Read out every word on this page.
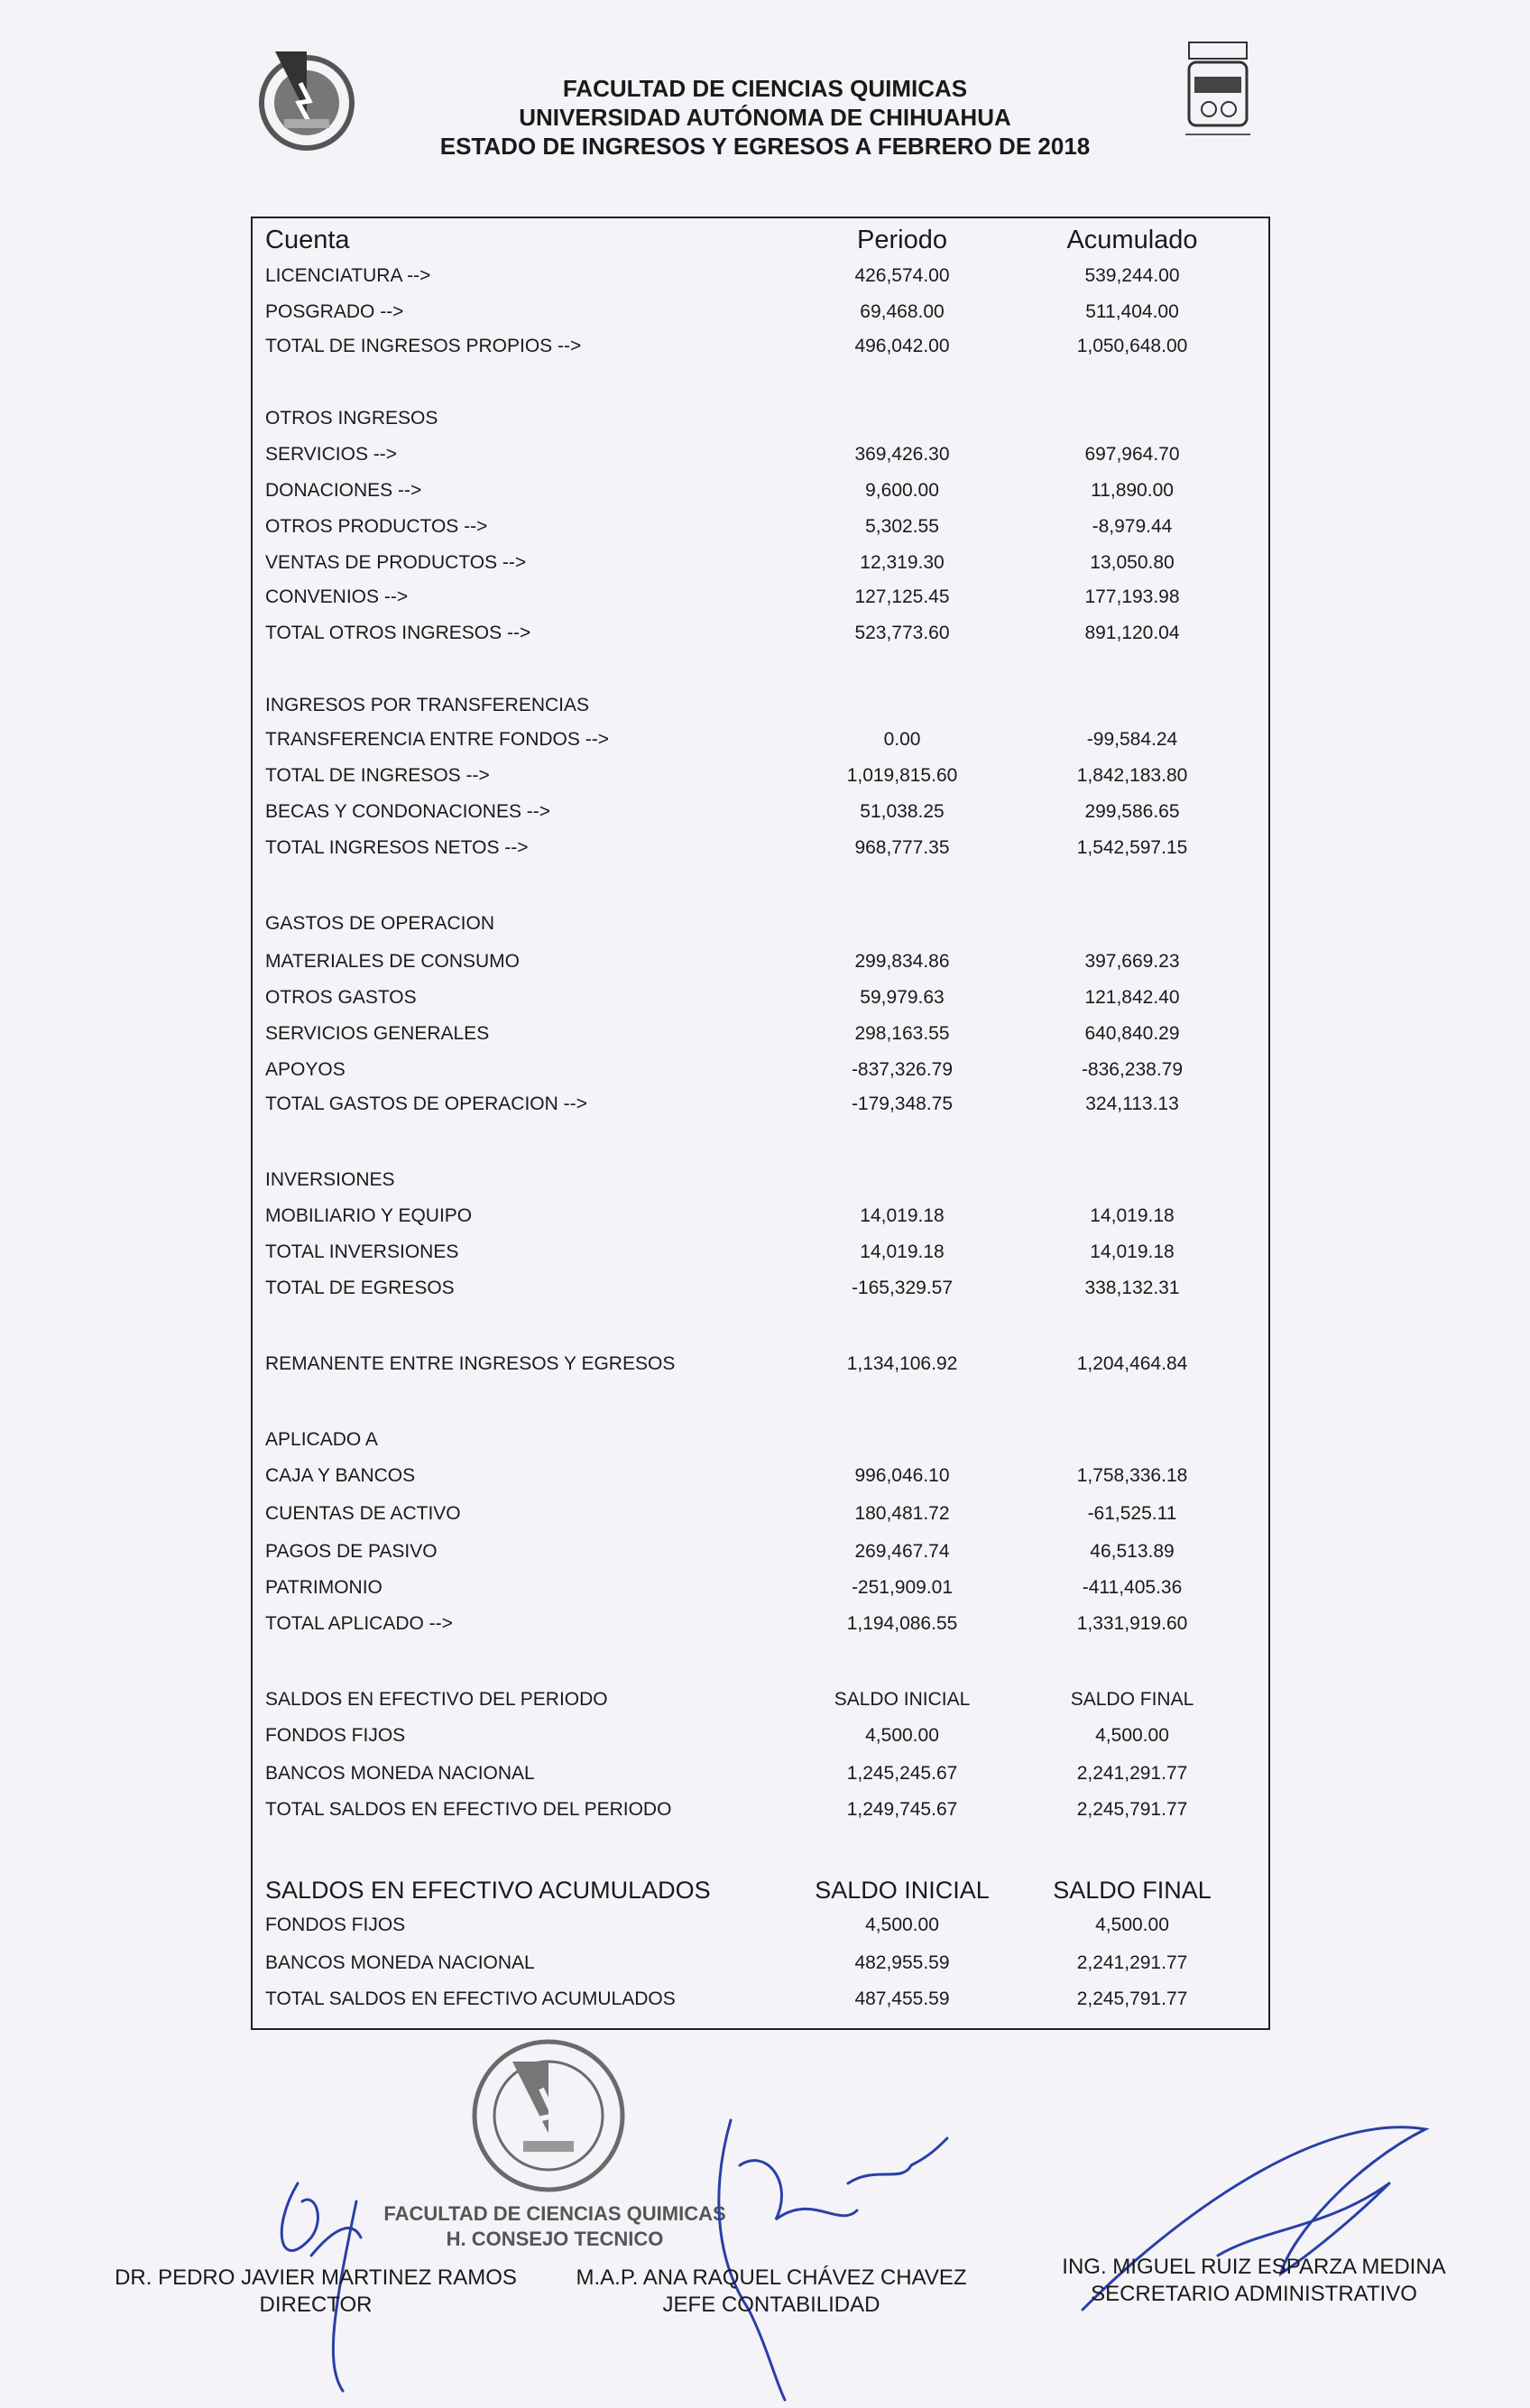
FACULTAD DE CIENCIAS QUIMICAS
UNIVERSIDAD AUTÓNOMA DE CHIHUAHUA
ESTADO DE INGRESOS Y EGRESOS A FEBRERO DE 2018
Cuenta	Periodo	Acumulado
LICENCIATURA -->	426,574.00	539,244.00
POSGRADO -->	69,468.00	511,404.00
TOTAL DE INGRESOS PROPIOS -->	496,042.00	1,050,648.00
OTROS INGRESOS
SERVICIOS -->	369,426.30	697,964.70
DONACIONES -->	9,600.00	11,890.00
OTROS PRODUCTOS -->	5,302.55	-8,979.44
VENTAS DE PRODUCTOS -->	12,319.30	13,050.80
CONVENIOS -->	127,125.45	177,193.98
TOTAL OTROS INGRESOS -->	523,773.60	891,120.04
INGRESOS POR TRANSFERENCIAS
TRANSFERENCIA ENTRE FONDOS -->	0.00	-99,584.24
TOTAL DE INGRESOS -->	1,019,815.60	1,842,183.80
BECAS Y CONDONACIONES -->	51,038.25	299,586.65
TOTAL INGRESOS NETOS -->	968,777.35	1,542,597.15
GASTOS DE OPERACION
MATERIALES DE CONSUMO	299,834.86	397,669.23
OTROS GASTOS	59,979.63	121,842.40
SERVICIOS GENERALES	298,163.55	640,840.29
APOYOS	-837,326.79	-836,238.79
TOTAL GASTOS DE OPERACION -->	-179,348.75	324,113.13
INVERSIONES
MOBILIARIO Y EQUIPO	14,019.18	14,019.18
TOTAL INVERSIONES	14,019.18	14,019.18
TOTAL DE EGRESOS	-165,329.57	338,132.31
REMANENTE ENTRE INGRESOS Y EGRESOS	1,134,106.92	1,204,464.84
APLICADO A
CAJA Y BANCOS	996,046.10	1,758,336.18
CUENTAS DE ACTIVO	180,481.72	-61,525.11
PAGOS DE PASIVO	269,467.74	46,513.89
PATRIMONIO	-251,909.01	-411,405.36
TOTAL APLICADO -->	1,194,086.55	1,331,919.60
SALDOS EN EFECTIVO DEL PERIODO	SALDO INICIAL	SALDO FINAL
FONDOS FIJOS	4,500.00	4,500.00
BANCOS MONEDA NACIONAL	1,245,245.67	2,241,291.77
TOTAL SALDOS EN EFECTIVO DEL PERIODO	1,249,745.67	2,245,791.77
SALDOS EN EFECTIVO ACUMULADOS	SALDO INICIAL	SALDO FINAL
FONDOS FIJOS	4,500.00	4,500.00
BANCOS MONEDA NACIONAL	482,955.59	2,241,291.77
TOTAL SALDOS EN EFECTIVO ACUMULADOS	487,455.59	2,245,791.77
FACULTAD DE CIENCIAS QUIMICAS
H. CONSEJO TECNICO
DR. PEDRO JAVIER MARTINEZ RAMOS
DIRECTOR
M.A.P. ANA RAQUEL CHÁVEZ CHAVEZ
JEFE CONTABILIDAD
ING. MIGUEL RUIZ ESPARZA MEDINA
SECRETARIO ADMINISTRATIVO
